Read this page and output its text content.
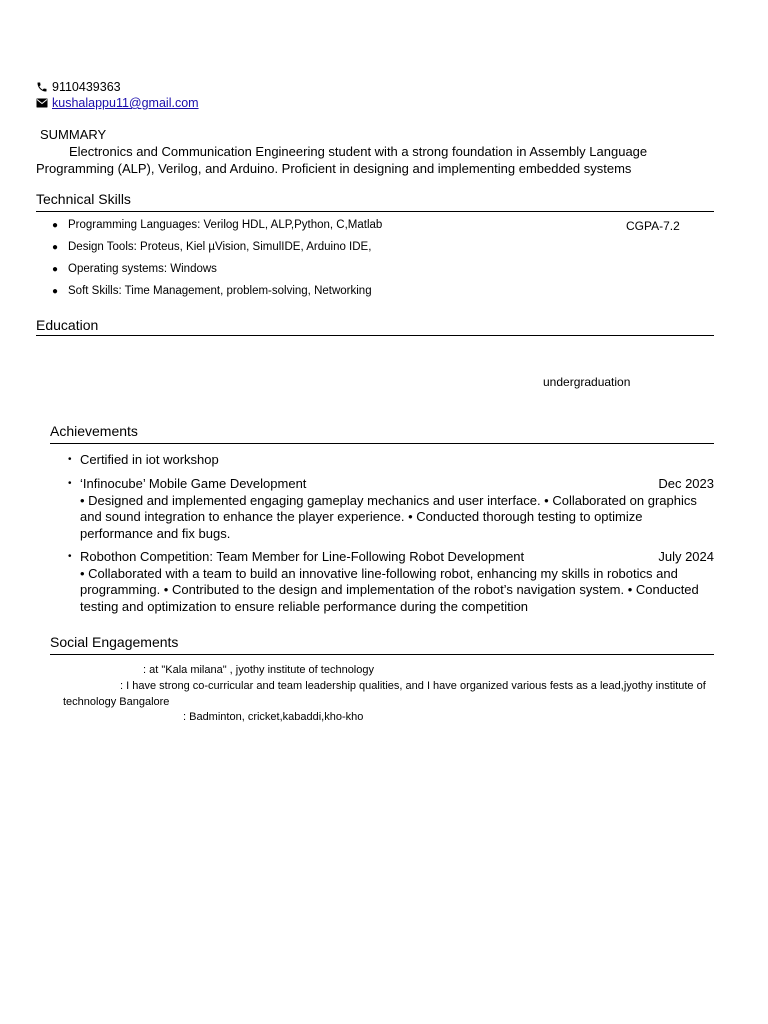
9110439363
kushalappu11@gmail.com
SUMMARY
Electronics and Communication Engineering student with a strong foundation in Assembly Language Programming (ALP), Verilog, and Arduino. Proficient in designing and implementing embedded systems
Technical Skills
● Programming Languages: Verilog HDL, ALP,Python, C,Matlab
● Design Tools: Proteus, Kiel µVision, SimulIDE, Arduino IDE,
● Operating systems: Windows
● Soft Skills: Time Management, problem-solving, Networking
CGPA-7.2
Education
undergraduation
Achievements
• Certified in iot workshop
• ‘Infinocube’ Mobile Game Development	Dec 2023
• Designed and implemented engaging gameplay mechanics and user interface. • Collaborated on graphics and sound integration to enhance the player experience. • Conducted thorough testing to optimize performance and fix bugs.
• Robothon Competition: Team Member for Line-Following Robot Development	July 2024
• Collaborated with a team to build an innovative line-following robot, enhancing my skills in robotics and programming. • Contributed to the design and implementation of the robot’s navigation system. • Conducted testing and optimization to ensure reliable performance during the competition
Social Engagements
: at "Kala milana" , jyothy institute of technology
: I have strong co-curricular and team leadership qualities, and I have organized various fests as a lead,jyothy institute of technology Bangalore
: Badminton, cricket,kabaddi,kho-kho
